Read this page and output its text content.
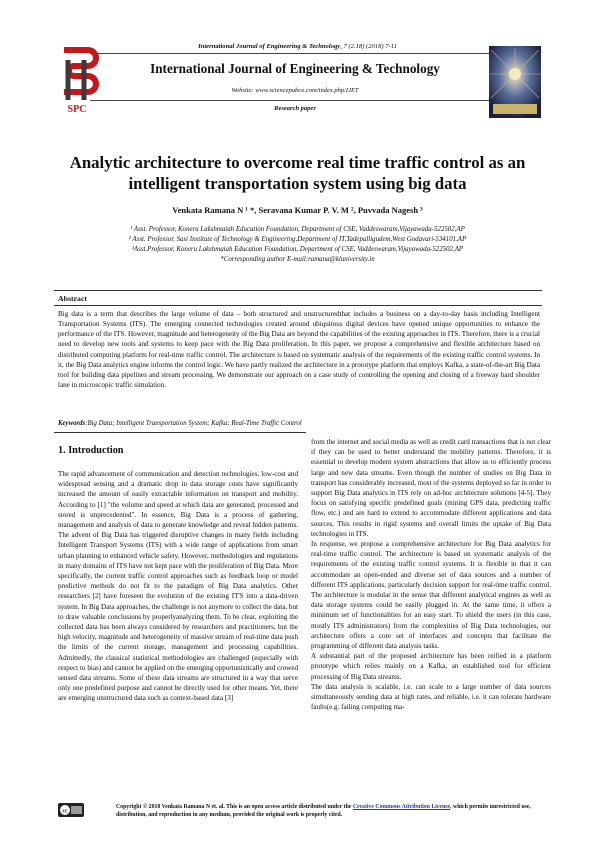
International Journal of Engineering & Technology, 7 (2.18) (2018) 7-11
SPC
International Journal of Engineering & Technology
Website: www.sciencepubco.com/index.php/IJET
Research paper
Analytic architecture to overcome real time traffic control as an
intelligent transportation system using big data
Venkata Ramana N ¹ *, Seravana Kumar P. V. M ², Puvvada Nagesh ³
¹ Asst. Professor, Koneru Lakshmaiah Education Foundation, Department of CSE, Vaddeswaram,Vijayawada-522502,AP
² Asst. Professor, Sasi Institute of Technology & Engineering,Department of IT,Tadepalligudem,West Godavari-534101,AP
³Asst.Professor, Koneru Lakshmaiah Education Foundation, Department of CSE, Vaddeswaram,Vijayawada-522502,AP
*Corresponding author E-mail:ramana@kluniversity.in
Abstract
Big data is a term that describes the large volume of data – both structured and unstructuredthat includes a business on a day-to-day basis including Intelligent Transportation Systems (ITS). The emerging connected technologies created around ubiquitous digital devices have opened unique opportunities to enhance the performance of the ITS. However, magnitude and heterogeneity of the Big Data are beyond the capabilities of the existing approaches in ITS. Therefore, there is a crucial need to develop new tools and systems to keep pace with the Big Data proliferation. In this paper, we propose a comprehensive and flexible architecture based on distributed computing platform for real-time traffic control. The architecture is based on systematic analysis of the requirements of the existing traffic control systems. In it, the Big Data analytics engine informs the control logic. We have partly realized the architecture in a prototype platform that employs Kafka, a state-of-the-art Big Data tool for building data pipelines and stream processing. We demonstrate our approach on a case study of controlling the opening and closing of a freeway hard shoulder lane in microscopic traffic simulation.
Keywords:Big Data; Intelligent Transportation System; Kafka; Real-Time Traffic Control
1. Introduction

The rapid advancement of communication and detection technologies, low-cost and widespread sensing and a dramatic drop in data storage costs have significantly increased the amount of easily extractable information on transport and mobility. According to [1] "the volume and speed at which data are generated, processed and stored is unprecedented". In essence, Big Data is a process of gathering, management and analysis of data to generate knowledge and reveal hidden patterns. The advent of Big Data has triggered disruptive changes in many fields including Intelligent Transport Systems (ITS) with a wide range of applications from smart urban planning to enhanced vehicle safety. However, methodologies and regulations in many domains of ITS have not kept pace with the proliferation of Big Data. More specifically, the current traffic control approaches such as feedback loop or model predictive methods do not fit to the paradigm of Big Data analytics. Other researchers [2] have foreseen the evolution of the existing IT'S into a data-driven system. In Big Data approaches, the challenge is not anymore to collect the data, but to draw valuable conclusions by properlyanalyzing them. To be clear, exploiting the collected data has been always considered by researchers and practitioners, but the high velocity, magnitude and heterogeneity of massive stream of real-time data push the limits of the current storage, management and processing capabilities. Admittedly, the classical statistical methodologies are challenged (especially with respect to bias) and cannot be applied on the emerging opportunistically and crowed sensed data streams. Some of these data streams are structured in a way that serve only one predefined purpose and cannot be directly used for other means. Yet, there are emerging unstructured data such as context-based data [3]

from the internet and social media as well as credit card transactions that is not clear if they can be used to better understand the mobility patterns. Therefore, it is essential to develop modern system abstractions that allow us to efficiently process large and new data streams. Even though the number of studies on Big Data in transport has considerably increased, most of the systems deployed so far in order to support Big Data analytics in ITS rely on ad-hoc architecture solutions [4-5]. They focus on satisfying specific predefined goals (mining GPS data, predicting traffic flow, etc.) and are hard to extend to accommodate different applications and data sources. This results in rigid systems and overall limits the uptake of Big Data technologies in ITS.

In response, we propose a comprehensive architecture for Big Data analytics for real-time traffic control. The architecture is based on systematic analysis of the requirements of the existing traffic control systems. It is flexible in that it can accommodate an open-ended and diverse set of data sources and a number of different ITS applications, particularly decision support for real-time traffic control. The architecture is modular in the sense that different analytical engines as well as data storage systems could be easily plugged in. At the same time, it offers a minimum set of functionalities for an easy start. To shield the users (in this case, mostly ITS administrators) from the complexities of Big Data technologies, our architecture offers a core set of interfaces and concepts that facilitate the programming of different data analysis tasks.

A substantial part of the proposed architecture has been reified in a platform prototype which relies mainly on a Kafka, an established tool for efficient processing of Big Data streams.

The data analysis is scalable, i.e. can scale to a large number of data sources simultaneously sending data at high rates, and reliable, i.e. it can tolerate hardware faults(e.g. failing computing ma-

cc
Copyright © 2018 Venkata Ramana N et. al. This is an open access article distributed under the Creative Commons Attribution License, which permits unrestricted use, distribution, and reproduction in any medium, provided the original work is properly cited.
